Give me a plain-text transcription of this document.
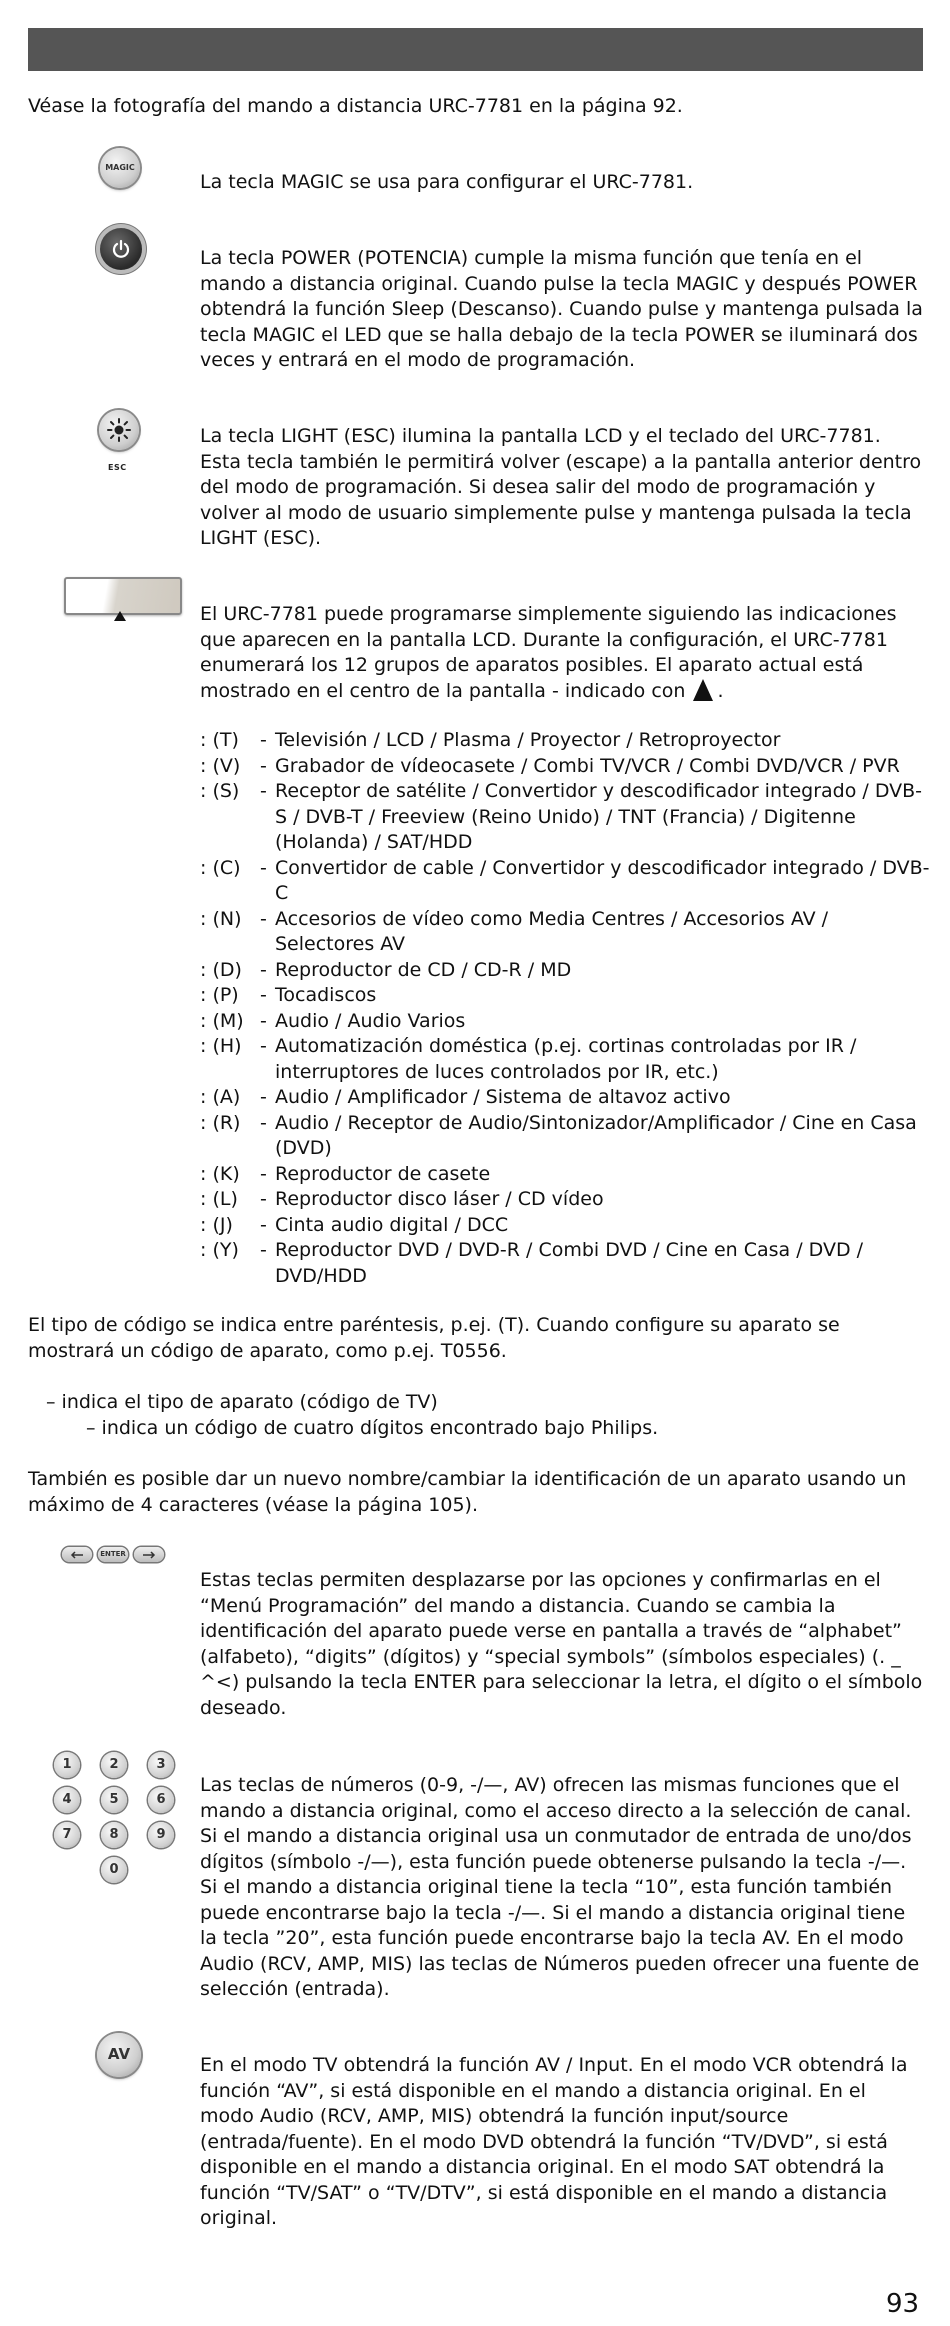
Véase la fotografía del mando a distancia URC-7781 en la página 92.

MAGIC

La tecla MAGIC se usa para configurar el URC-7781.

La tecla POWER (POTENCIA) cumple la misma función que tenía en el mando a distancia original. Cuando pulse la tecla MAGIC y después POWER obtendrá la función Sleep (Descanso). Cuando pulse y mantenga pulsada la tecla MAGIC el LED que se halla debajo de la tecla POWER se iluminará dos veces y entrará en el modo de programación.

ESC

La tecla LIGHT (ESC) ilumina la pantalla LCD y el teclado del URC-7781. Esta tecla también le permitirá volver (escape) a la pantalla anterior dentro del modo de programación. Si desea salir del modo de programación y volver al modo de usuario simplemente pulse y mantenga pulsada la tecla LIGHT (ESC).

El URC-7781 puede programarse simplemente siguiendo las indicaciones que aparecen en la pantalla LCD. Durante la configuración, el URC-7781 enumerará los 12 grupos de aparatos posibles. El aparato actual está mostrado en el centro de la pantalla - indicado con .

: (T)	- Televisión / LCD / Plasma / Proyector / Retroproyector
: (V)	- Grabador de vídeocasete / Combi TV/VCR / Combi DVD/VCR / PVR
: (S)	- Receptor de satélite / Convertidor y descodificador integrado / DVB-S / DVB-T / Freeview (Reino Unido) / TNT (Francia) / Digitenne (Holanda) / SAT/HDD
: (C)	- Convertidor de cable / Convertidor y descodificador integrado / DVB-C
: (N) - Accesorios de vídeo como Media Centres / Accesorios AV / Selectores AV
: (D) - Reproductor de CD / CD-R / MD
: (P)	- Tocadiscos
: (M) - Audio / Audio Varios
: (H) - Automatización doméstica (p.ej. cortinas controladas por IR / interruptores de luces controlados por IR, etc.)
: (A)	- Audio / Amplificador / Sistema de altavoz activo
: (R)	- Audio / Receptor de Audio/Sintonizador/Amplificador / Cine en Casa (DVD)
: (K)	- Reproductor de casete
: (L)	- Reproductor disco láser / CD vídeo
: (J)	- Cinta audio digital / DCC
: (Y)	- Reproductor DVD / DVD-R / Combi DVD / Cine en Casa / DVD / DVD/HDD

El tipo de código se indica entre paréntesis, p.ej. (T). Cuando configure su aparato se mostrará un código de aparato, como p.ej. T0556.

– indica el tipo de aparato (código de TV)

– indica un código de cuatro dígitos encontrado bajo Philips.

También es posible dar un nuevo nombre/cambiar la identificación de un aparato usando un máximo de 4 caracteres (véase la página 105).

ENTER

Estas teclas permiten desplazarse por las opciones y confirmarlas en el “Menú Programación” del mando a distancia. Cuando se cambia la identificación del aparato puede verse en pantalla a través de “alphabet” (alfabeto), “digits” (dígitos) y “special symbols” (símbolos especiales) (. _ ^<) pulsando la tecla ENTER para seleccionar la letra, el dígito o el símbolo deseado.

1	2	3
4	5	6
7	8	9
0

Las teclas de números (0-9, -/—, AV) ofrecen las mismas funciones que el mando a distancia original, como el acceso directo a la selección de canal. Si el mando a distancia original usa un conmutador de entrada de uno/dos dígitos (símbolo -/—), esta función puede obtenerse pulsando la tecla -/—. Si el mando a distancia original tiene la tecla “10”, esta función también puede encontrarse bajo la tecla -/—. Si el mando a distancia original tiene la tecla ”20”, esta función puede encontrarse bajo la tecla AV. En el modo Audio (RCV, AMP, MIS) las teclas de Números pueden ofrecer una fuente de selección (entrada).

AV	En el modo TV obtendrá la función AV / Input. En el modo VCR obtendrá la función “AV”, si está disponible en el mando a distancia original. En el modo Audio (RCV, AMP, MIS) obtendrá la función input/source (entrada/fuente). En el modo DVD obtendrá la función “TV/DVD”, si está disponible en el mando a distancia original. En el modo SAT obtendrá la función “TV/SAT” o “TV/DTV”, si está disponible en el mando a distancia original.

93
